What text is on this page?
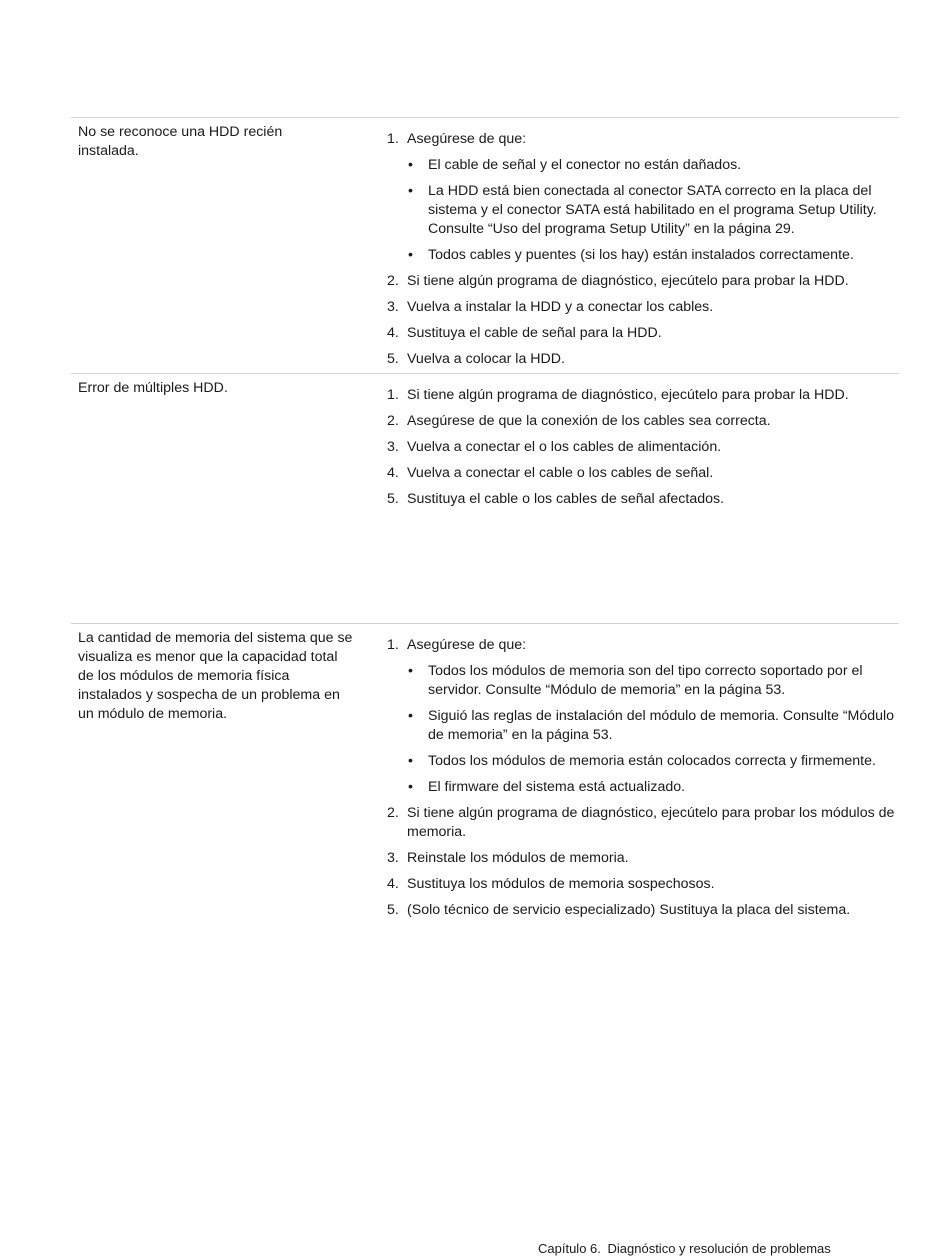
No se reconoce una HDD recién instalada.
1. Asegúrese de que:
•	El cable de señal y el conector no están dañados.
•	La HDD está bien conectada al conector SATA correcto en la placa del sistema y el conector SATA está habilitado en el programa Setup Utility. Consulte “Uso del programa Setup Utility” en la página 29.
•	Todos cables y puentes (si los hay) están instalados correctamente.
2. Si tiene algún programa de diagnóstico, ejecútelo para probar la HDD.
3. Vuelva a instalar la HDD y a conectar los cables.
4. Sustituya el cable de señal para la HDD.
5. Vuelva a colocar la HDD.
Error de múltiples HDD.	1. Si tiene algún programa de diagnóstico, ejecútelo para probar la HDD.
2. Asegúrese de que la conexión de los cables sea correcta.
3. Vuelva a conectar el o los cables de alimentación.
4. Vuelva a conectar el cable o los cables de señal.
5. Sustituya el cable o los cables de señal afectados.
La cantidad de memoria del sistema que se visualiza es menor que la capacidad total de los módulos de memoria física instalados y sospecha de un problema en un módulo de memoria.
1. Asegúrese de que:
•	Todos los módulos de memoria son del tipo correcto soportado por el servidor. Consulte “Módulo de memoria” en la página 53.
•	Siguió las reglas de instalación del módulo de memoria. Consulte “Módulo de memoria” en la página 53.
•	Todos los módulos de memoria están colocados correcta y firmemente.
•	El firmware del sistema está actualizado.
2. Si tiene algún programa de diagnóstico, ejecútelo para probar los módulos de memoria.
3. Reinstale los módulos de memoria.
4. Sustituya los módulos de memoria sospechosos.
5. (Solo técnico de servicio especializado) Sustituya la placa del sistema.
Capítulo 6. Diagnóstico y resolución de problemas
